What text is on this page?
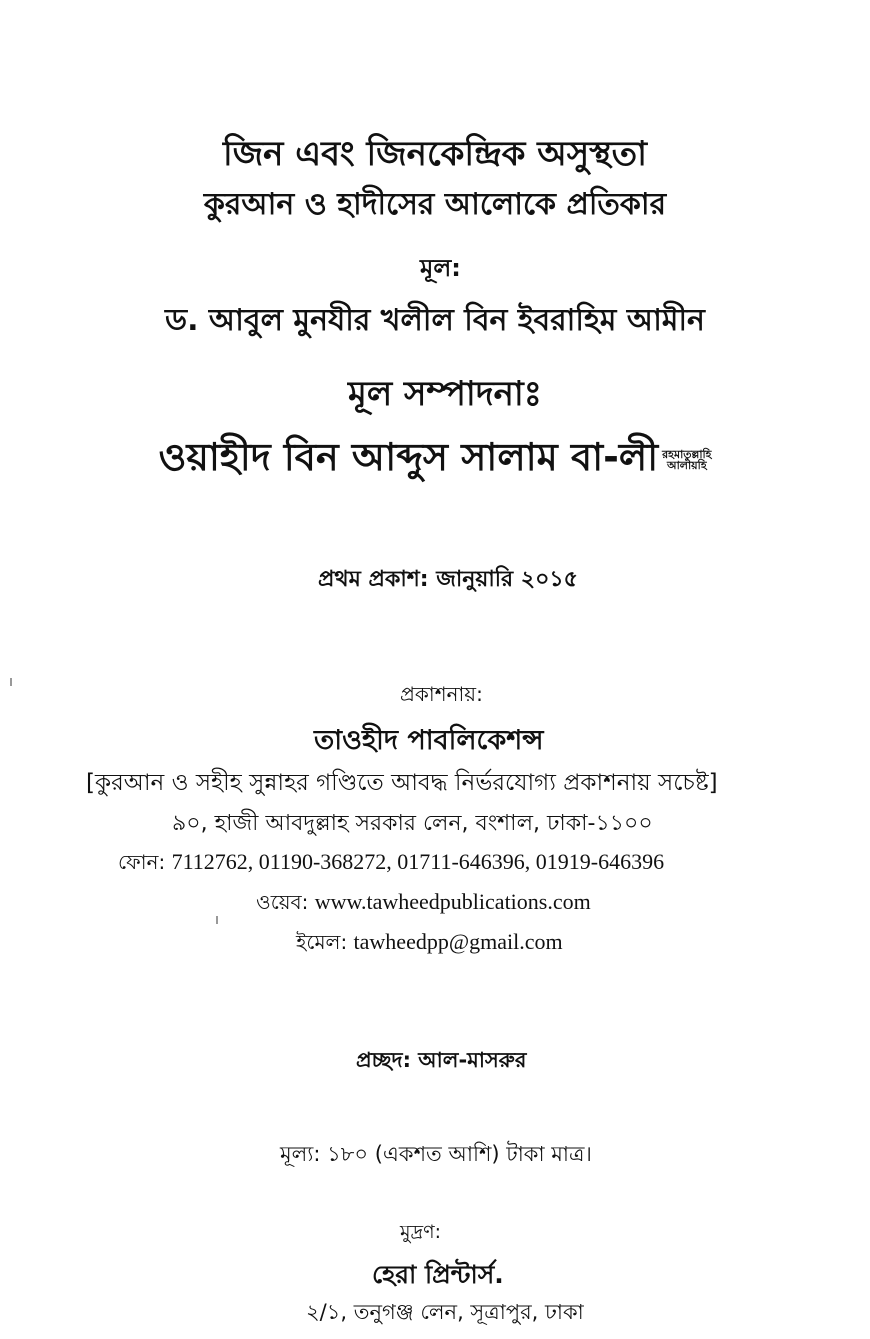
জিন এবং জিনকেন্দ্রিক অসুস্থতা
কুরআন ও হাদীসের আলোকে প্রতিকার
মূল:
ড. আবুল মুনযীর খলীল বিন ইবরাহিম আমীন
মূল সম্পাদনাঃ
ওয়াহীদ বিন আব্দুস সালাম বা-লী রহমাতুল্লাহি
আলায়হি
প্রথম প্রকাশ: জানুয়ারি ২০১৫
প্রকাশনায়:
তাওহীদ পাবলিকেশন্স
[কুরআন ও সহীহ সুন্নাহর গণ্ডিতে আবদ্ধ নির্ভরযোগ্য প্রকাশনায় সচেষ্ট]
৯০, হাজী আবদুল্লাহ সরকার লেন, বংশাল, ঢাকা-১১০০
ফোন: 7112762, 01190-368272, 01711-646396, 01919-646396
ওয়েব: www.tawheedpublications.com
ইমেল: tawheedpp@gmail.com
প্রচ্ছদ: আল-মাসরুর
মূল্য: ১৮০ (একশত আশি) টাকা মাত্র।
মুদ্রণ:
হেরা প্রিন্টার্স.
২/১, তনুগঞ্জ লেন, সূত্রাপুর, ঢাকা
